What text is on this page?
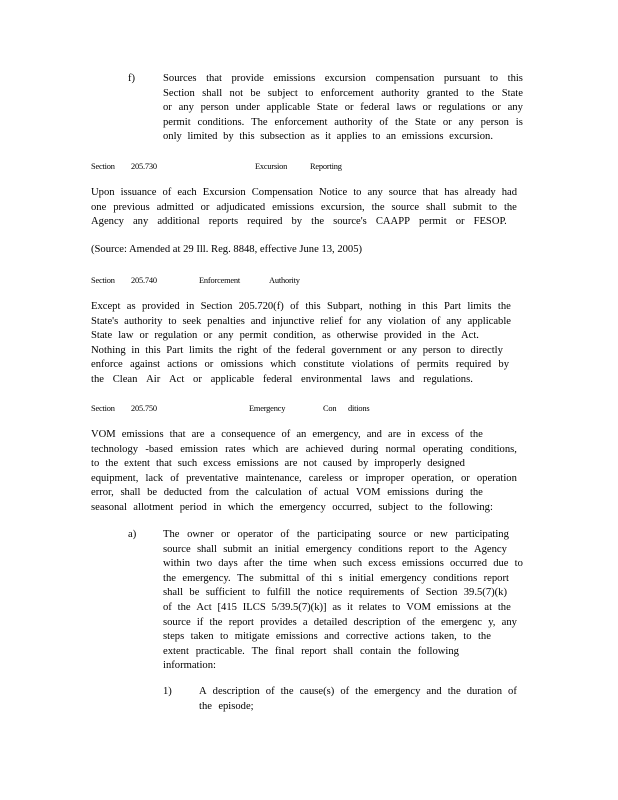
f)	Sources that provide emissions excursion compensation pursuant to this
Section shall not be subject to enforcement authority granted to the State
or any person under applicable State or federal laws or regulations or any
permit conditions. The enforcement authority of the State or any person is
only limited by this subsection as it applies to an emissions excursion.
Section 205.730	Excursion	Reporting
Upon issuance of each Excursion Compensation Notice to any source that has already had
one previous admitted or adjudicated emissions excursion, the source shall submit to the
Agency any additional reports required by the source's CAAPP permit or FESOP.
(Source: Amended at 29 Ill. Reg. 8848, effective June 13, 2005)
Section 205.740	Enforcement	Authority
Except as provided in Section 205.720(f) of this Subpart, nothing in this Part limits the
State's authority to seek penalties and injunctive relief for any violation of any applicable
State law or regulation or any permit condition, as otherwise provided in the Act.
Nothing in this Part limits the right of the federal government or any person to directly
enforce against actions or omissions which constitute violations of permits required by
the Clean Air Act or applicable federal environmental laws and regulations.
Section 205.750	Emergency	Con ditions
VOM emissions that are a consequence of an emergency, and are in excess of the
technology -based emission rates which are achieved during normal operating conditions,
to the extent that such excess emissions are not caused by improperly designed
equipment, lack of preventative maintenance, careless or improper operation, or operation
error, shall be deducted from the calculation of actual VOM emissions during the
seasonal allotment period in which the emergency occurred, subject to the following:
a)	The owner or operator of the participating source or new participating
source shall submit an initial emergency conditions report to the Agency
within two days after the time when such excess emissions occurred due to
the emergency. The submittal of thi s initial emergency conditions report
shall be sufficient to fulfill the notice requirements of Section 39.5(7)(k)
of the Act [415 ILCS 5/39.5(7)(k)] as it relates to VOM emissions at the
source if the report provides a detailed description of the emergenc y, any
steps taken to mitigate emissions and corrective actions taken, to the
extent practicable. The final report shall contain the following
information:
1)	A description of the cause(s) of the emergency and the duration of
the episode;
